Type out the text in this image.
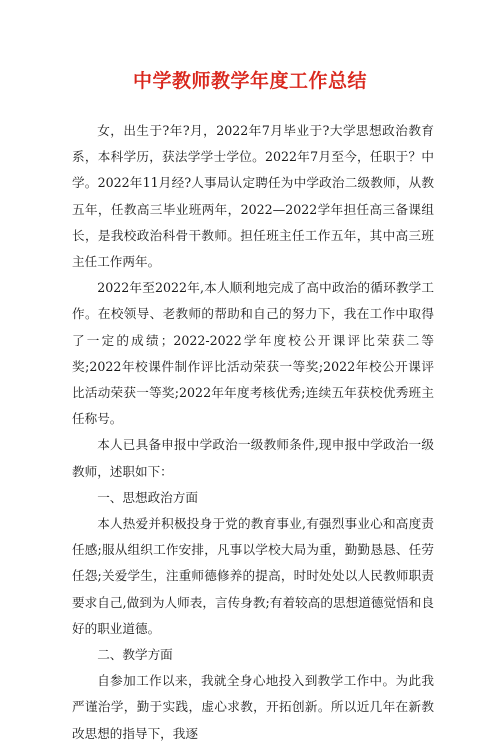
中学教师教学年度工作总结

女，出生于?年?月，2022年7月毕业于?大学思想政治教育系，本科学历，获法学学士学位。2022年7月至今，任职于？中学。2022年11月经?人事局认定聘任为中学政治二级教师，从教五年，任教高三毕业班两年，2022—2022学年担任高三备课组长，是我校政治科骨干教师。担任班主任工作五年，其中高三班主任工作两年。

2022年至2022年,本人顺利地完成了高中政治的循环教学工作。在校领导、老教师的帮助和自己的努力下，我在工作中取得了一定的成绩；2022-2022学年度校公开课评比荣获二等奖;2022年校课件制作评比活动荣获一等奖;2022年校公开课评比活动荣获一等奖;2022年年度考核优秀;连续五年获校优秀班主任称号。

本人已具备申报中学政治一级教师条件,现申报中学政治一级教师，述职如下：

一、思想政治方面

本人热爱并积极投身于党的教育事业,有强烈事业心和高度责任感;服从组织工作安排，凡事以学校大局为重，勤勤恳恳、任劳任怨;关爱学生，注重师德修养的提高，时时处处以人民教师职责要求自己,做到为人师表，言传身教;有着较高的思想道德觉悟和良好的职业道德。

二、教学方面

自参加工作以来，我就全身心地投入到教学工作中。为此我严谨治学，勤于实践，虚心求教，开拓创新。所以近几年在新教改思想的指导下，我逐
